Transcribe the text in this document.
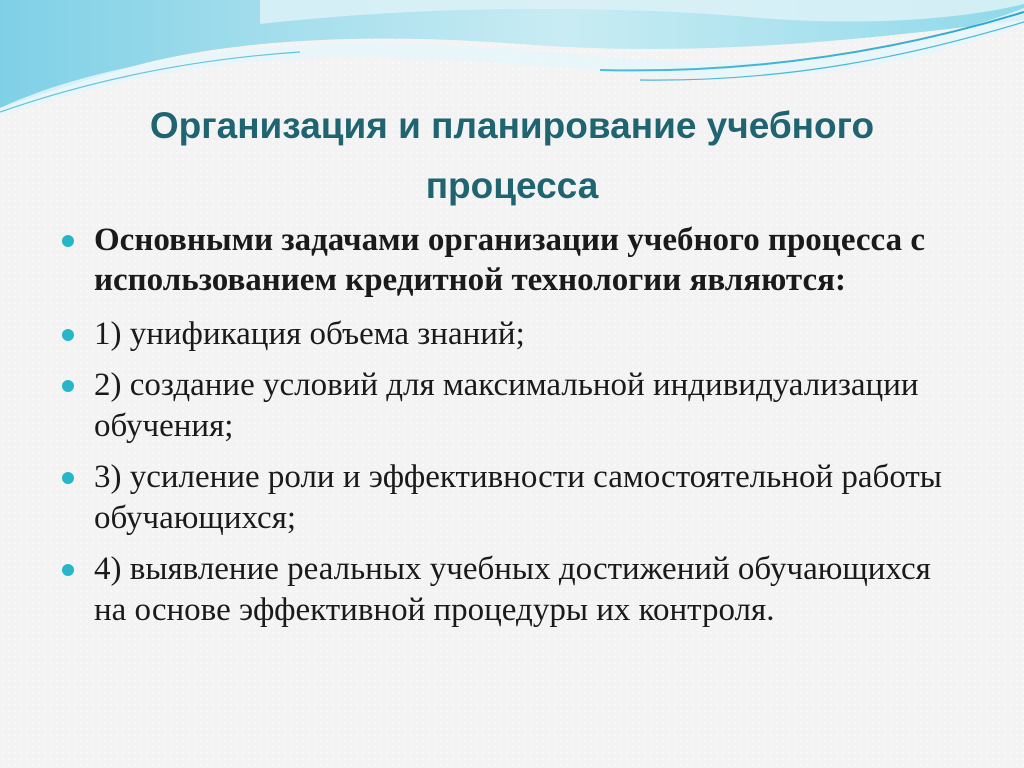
Организация и планирование учебного
процесса
Основными задачами организации учебного процесса с использованием кредитной технологии являются:
1) унификация объема знаний;
2) создание условий для максимальной индивидуализации обучения;
3) усиление роли и эффективности самостоятельной работы обучающихся;
4) выявление реальных учебных достижений обучающихся на основе эффективной процедуры их контроля.
